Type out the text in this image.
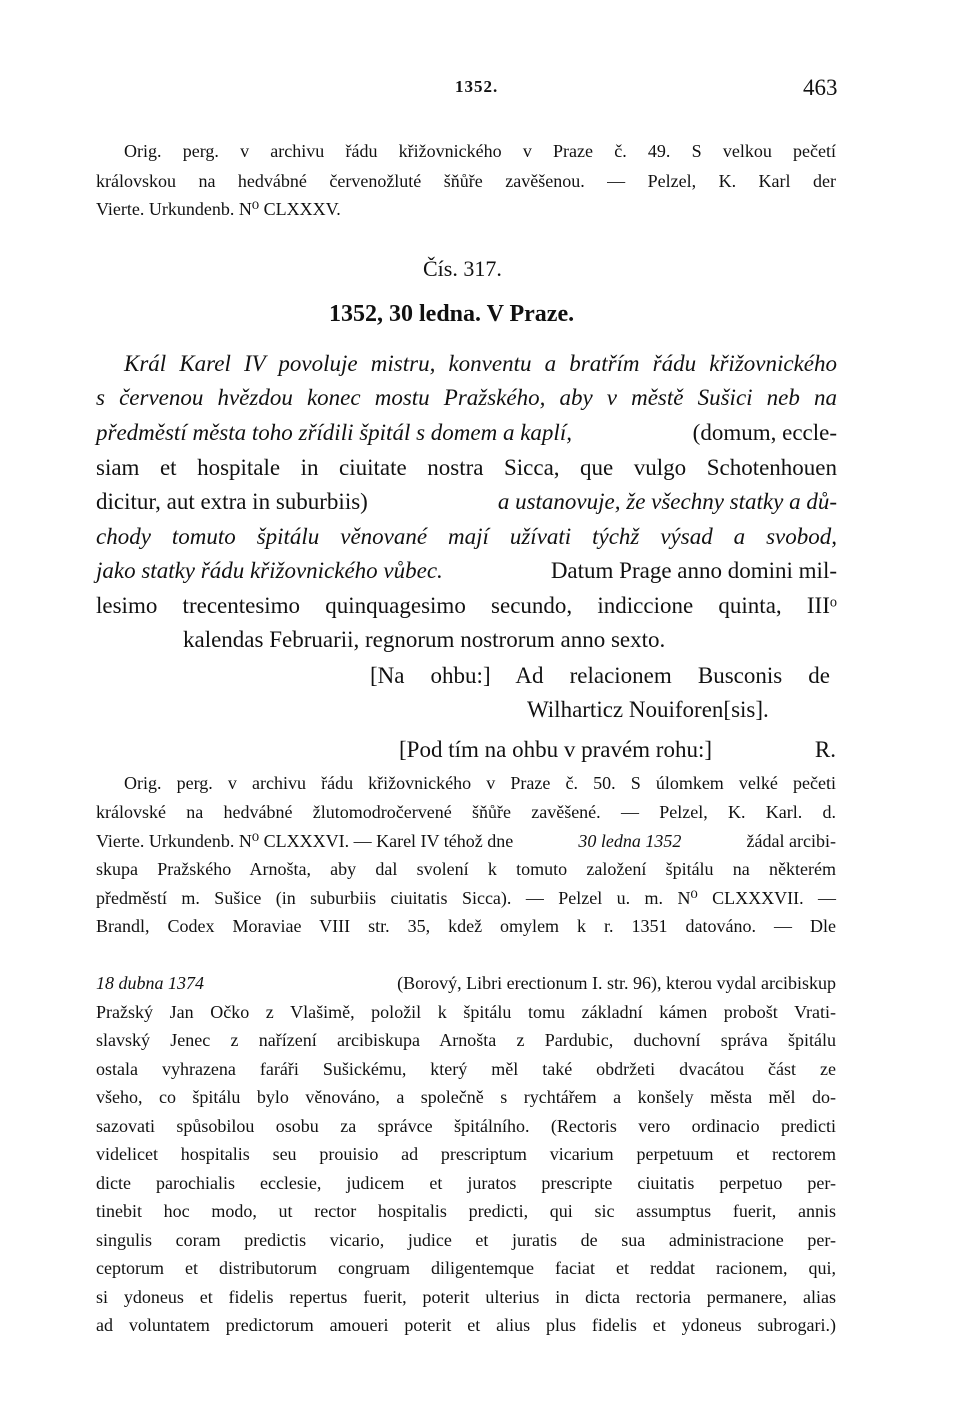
1352.	463
Orig. perg. v archivu řádu křižovnického v Praze č. 49. S velkou pečetí
královskou na hedvábné červenožluté šňůře zavěšenou. — Pelzel, K. Karl der
Vierte. Urkundenb. N⁰ CLXXXV.
Čís. 317.
1352, 30 ledna. V Praze.
Král Karel IV povoluje mistru, konventu a bratřím řádu křižovnického
s červenou hvězdou konec mostu Pražského, aby v městě Sušici neb na
předměstí města toho zřídili špitál s domem a kaplí,	(domum, eccle-
siam et hospitale in ciuitate nostra Sicca, que vulgo Schotenhouen
dicitur, aut extra in suburbiis)	a ustanovuje, že všechny statky a dů-
chody tomuto špitálu věnované mají užívati týchž výsad a svobod,
jako statky řádu křižovnického vůbec.	Datum Prage anno domini mil-
lesimo trecentesimo quinquagesimo secundo, indiccione quinta, III$^o$
kalendas Februarii, regnorum nostrorum anno sexto.
[Na ohbu:] Ad relacionem Busconis de
Wilharticz Nouiforen[sis].
[Pod tím na ohbu v pravém rohu:]	R.
Orig. perg. v archivu řádu křižovnického v Praze č. 50. S úlomkem velké pečeti
královské na hedvábné žlutomodročervené šňůře zavěšené. — Pelzel, K. Karl. d.
Vierte. Urkundenb. N⁰ CLXXXVI. — Karel IV téhož dne	30 ledna 1352	žádal arcibi-
skupa Pražského Arnošta, aby dal svolení k tomuto založení špitálu na některém
předměstí m. Sušice (in suburbiis ciuitatis Sicca). — Pelzel u. m. N⁰ CLXXXVII. —
Brandl, Codex Moraviae VIII str. 35, kdež omylem k r. 1351 datováno. — Dle
18 dubna 1374	(Borový, Libri erectionum I. str. 96), kterou vydal arcibiskup
Pražský Jan Očko z Vlašimě, položil k špitálu tomu základní kámen probošt Vrati-
slavský Jenec z nařízení arcibiskupa Arnošta z Pardubic, duchovní správa špitálu
ostala vyhrazena faráři Sušickému, který měl také obdržeti dvacátou část ze
všeho, co špitálu bylo věnováno, a společně s rychtářem a konšely města měl do-
sazovati spůsobilou osobu za správce špitálního. (Rectoris vero ordinacio predicti
videlicet hospitalis seu prouisio ad prescriptum vicarium perpetuum et rectorem
dicte parochialis ecclesie, judicem et juratos prescripte ciuitatis perpetuo per-
tinebit hoc modo, ut rector hospitalis predicti, qui sic assumptus fuerit, annis
singulis coram predictis vicario, judice et juratis de sua administracione per-
ceptorum et distributorum congruam diligentemque faciat et reddat racionem, qui,
si ydoneus et fidelis repertus fuerit, poterit ulterius in dicta rectoria permanere, alias
ad voluntatem predictorum amoueri poterit et alius plus fidelis et ydoneus subrogari.)
